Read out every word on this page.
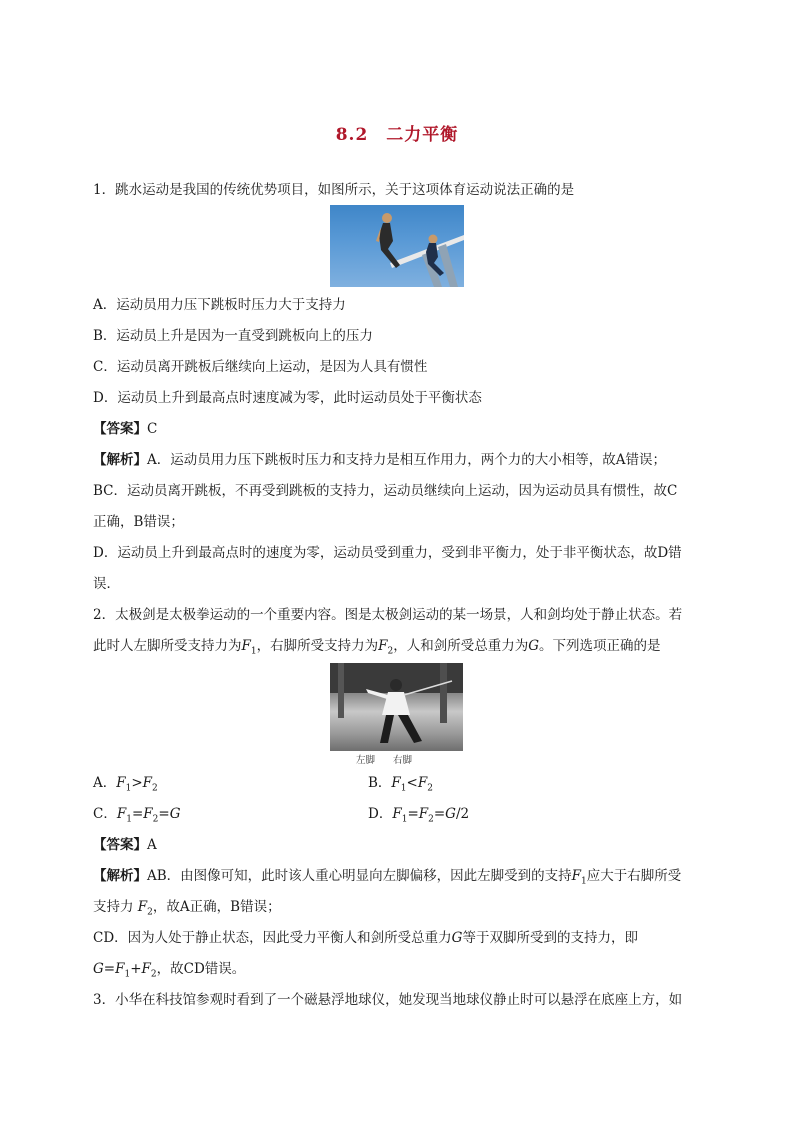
8.2　二力平衡
1．跳水运动是我国的传统优势项目，如图所示，关于这项体育运动说法正确的是
A．运动员用力压下跳板时压力大于支持力
B．运动员上升是因为一直受到跳板向上的压力
C．运动员离开跳板后继续向上运动，是因为人具有惯性
D．运动员上升到最高点时速度减为零，此时运动员处于平衡状态
【答案】C
【解析】A．运动员用力压下跳板时压力和支持力是相互作用力，两个力的大小相等，故A错误；
BC．运动员离开跳板，不再受到跳板的支持力，运动员继续向上运动，因为运动员具有惯性，故C
正确，B错误；
D．运动员上升到最高点时的速度为零，运动员受到重力，受到非平衡力，处于非平衡状态，故D错
误．
2．太极剑是太极拳运动的一个重要内容。图是太极剑运动的某一场景，人和剑均处于静止状态。若
此时人左脚所受支持力为$F_1$，右脚所受支持力为$F_2$，人和剑所受总重力为G。下列选项正确的是
左脚 右脚
A．$F_1>F_2$	B．$F_1<F_2$
C．$F_1=F_2=G$	D．$F_1=F_2=G/2$
【答案】A
【解析】AB．由图像可知，此时该人重心明显向左脚偏移，因此左脚受到的支持$F_1$应大于右脚所受
支持力 $F_2$，故A正确，B错误；
CD．因为人处于静止状态，因此受力平衡人和剑所受总重力G等于双脚所受到的支持力，即
$G=F_1+F_2$，故CD错误。
3．小华在科技馆参观时看到了一个磁悬浮地球仪，她发现当地球仪静止时可以悬浮在底座上方，如
